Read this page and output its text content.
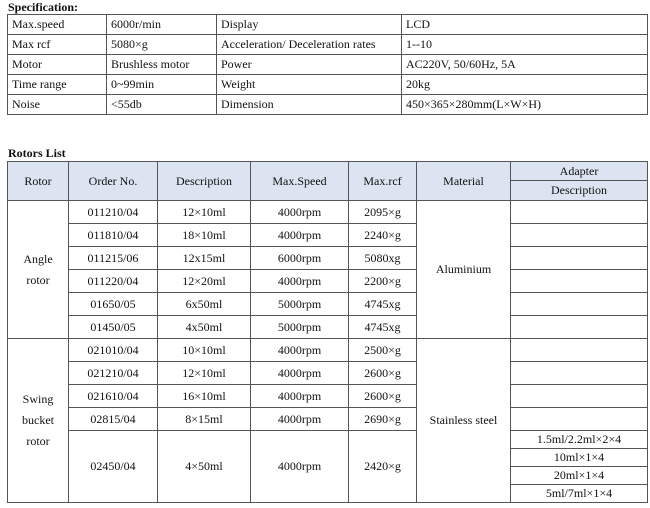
Specification:
Max.speed	6000r/min	Display	LCD
Max rcf	5080×g	Acceleration/ Deceleration rates	1--10
Motor	Brushless motor	Power	AC220V, 50/60Hz, 5A
Time range	0~99min	Weight	20kg
Noise	<55db	Dimension	450×365×280mm(L×W×H)
Rotors List
Rotor	Order No.	Description	Max.Speed	Max.rcf	Material	Adapter
						Description
Angle
rotor	011210/04	12×10ml	4000rpm	2095×g	Aluminium	
	011810/04	18×10ml	4000rpm	2240×g		
	011215/06	12x15ml	6000rpm	5080xg		
	011220/04	12×20ml	4000rpm	2200×g		
	01650/05	6x50ml	5000rpm	4745xg		
	01450/05	4x50ml	5000rpm	4745xg		
Swing
bucket
rotor	021010/04	10×10ml	4000rpm	2500×g	Stainless steel	
	021210/04	12×10ml	4000rpm	2600×g		
	021610/04	16×10ml	4000rpm	2600×g		
	02815/04	8×15ml	4000rpm	2690×g		
	02450/04	4×50ml	4000rpm	2420×g		1.5ml/2.2ml×2×4
						10ml×1×4
						20ml×1×4
						5ml/7ml×1×4
